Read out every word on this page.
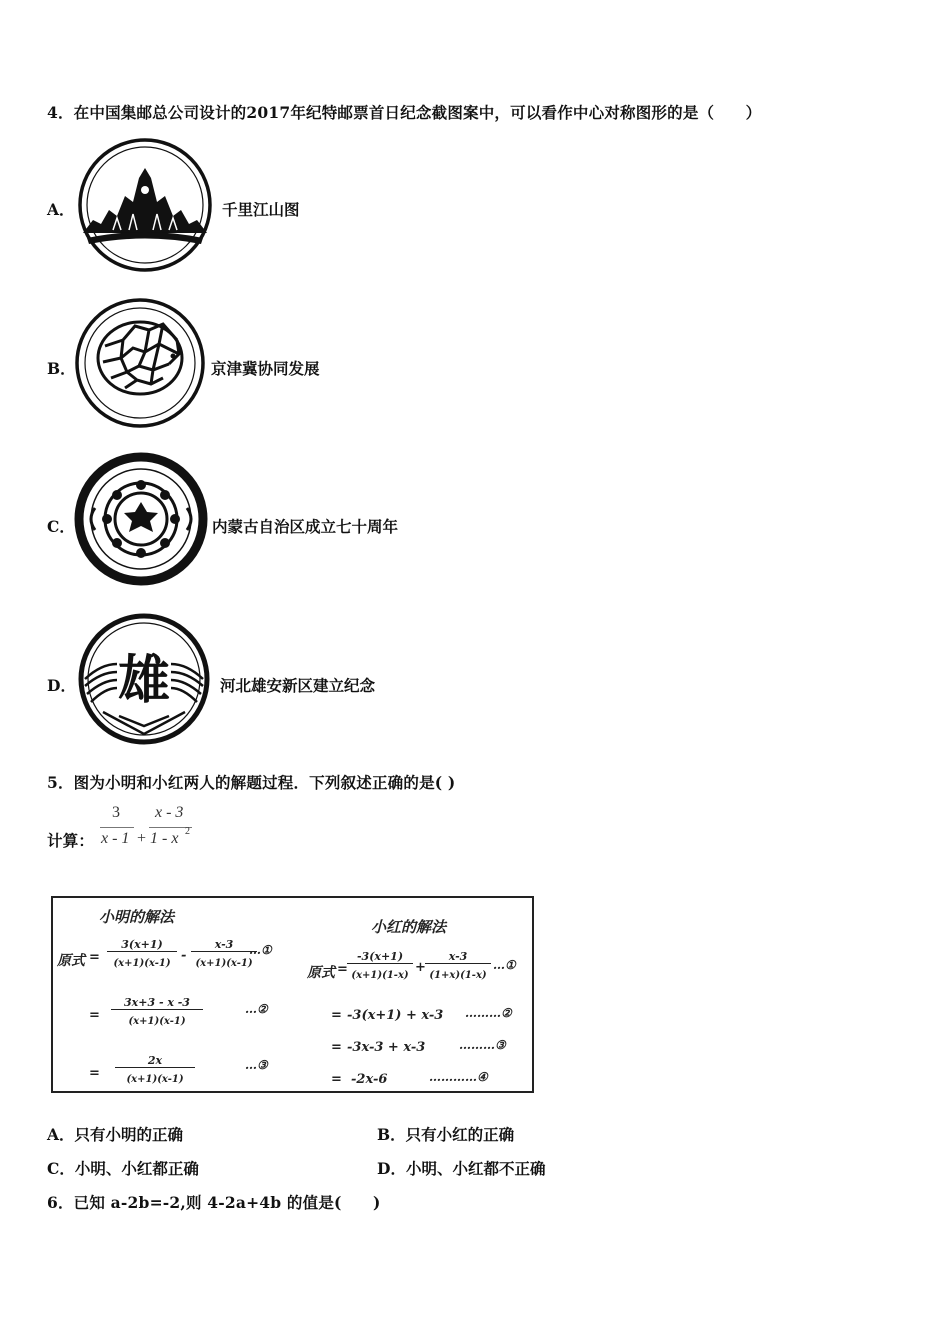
4．在中国集邮总公司设计的2017年纪特邮票首日纪念截图案中，可以看作中心对称图形的是（　　）
A．	千里江山图
B．	京津冀协同发展
C．	内蒙古自治区成立七十周年
D． 雄	河北雄安新区建立纪念
5．图为小明和小红两人的解题过程．下列叙述正确的是( )
计算：
3
x - 1 +
x - 3
1 - x 2
小明的解法
原式 =
3(x+1)
(x+1)(x-1)
-
x-3
(x+1)(x-1)
…①
=
3x+3 - x -3
(x+1)(x-1)
…②
=
2x
(x+1)(x-1)
…③
小红的解法
原式 =
-3(x+1)
(x+1)(1-x)
+
x-3
(1+x)(1-x)
…①
= -3(x+1) + x-3 ………②
= -3x-3 + x-3	………③
= -2x-6	…………④
A．只有小明的正确	B．只有小红的正确
C．小明、小红都正确	D．小明、小红都不正确
6．已知 a-2b=-2,则 4-2a+4b 的值是(　　)
